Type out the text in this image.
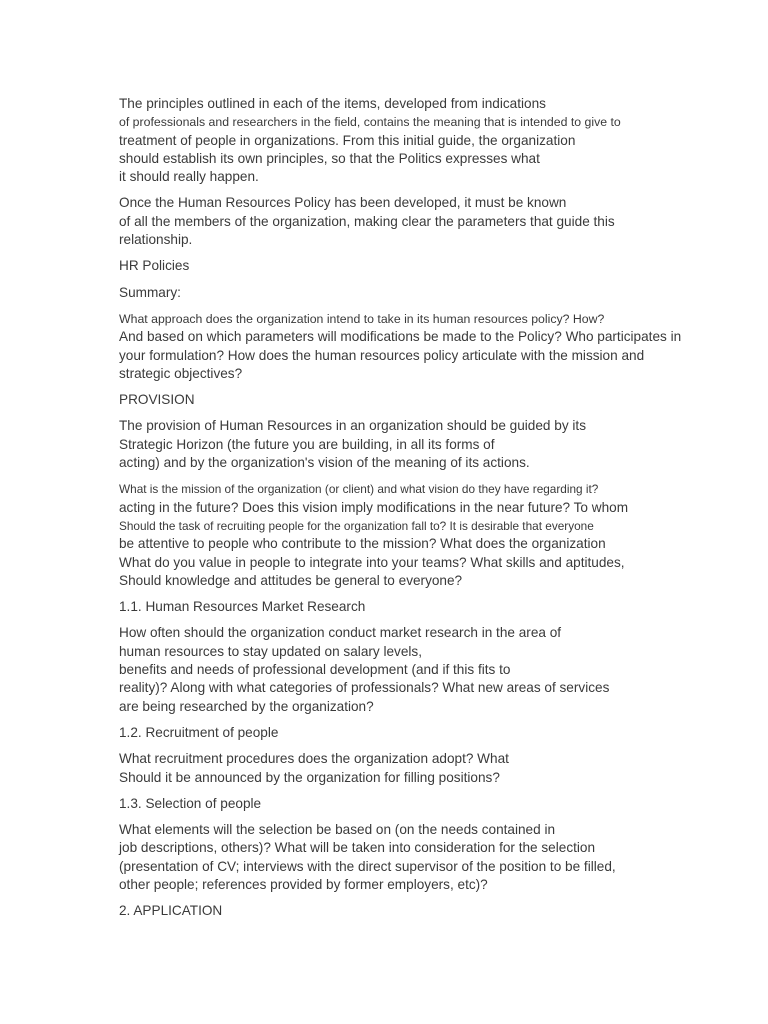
The principles outlined in each of the items, developed from indications
of professionals and researchers in the field, contains the meaning that is intended to give to
treatment of people in organizations. From this initial guide, the organization
should establish its own principles, so that the Politics expresses what
it should really happen.
Once the Human Resources Policy has been developed, it must be known
of all the members of the organization, making clear the parameters that guide this
relationship.
HR Policies
Summary:
What approach does the organization intend to take in its human resources policy? How?
And based on which parameters will modifications be made to the Policy? Who participates in
your formulation? How does the human resources policy articulate with the mission and
strategic objectives?
PROVISION
The provision of Human Resources in an organization should be guided by its
Strategic Horizon (the future you are building, in all its forms of
acting) and by the organization's vision of the meaning of its actions.
What is the mission of the organization (or client) and what vision do they have regarding it?
acting in the future? Does this vision imply modifications in the near future? To whom
Should the task of recruiting people for the organization fall to? It is desirable that everyone
be attentive to people who contribute to the mission? What does the organization
What do you value in people to integrate into your teams? What skills and aptitudes,
Should knowledge and attitudes be general to everyone?
1.1. Human Resources Market Research
How often should the organization conduct market research in the area of
human resources to stay updated on salary levels,
benefits and needs of professional development (and if this fits to
reality)? Along with what categories of professionals? What new areas of services
are being researched by the organization?
1.2. Recruitment of people
What recruitment procedures does the organization adopt? What
Should it be announced by the organization for filling positions?
1.3. Selection of people
What elements will the selection be based on (on the needs contained in
job descriptions, others)? What will be taken into consideration for the selection
(presentation of CV; interviews with the direct supervisor of the position to be filled,
other people; references provided by former employers, etc)?
2. APPLICATION
